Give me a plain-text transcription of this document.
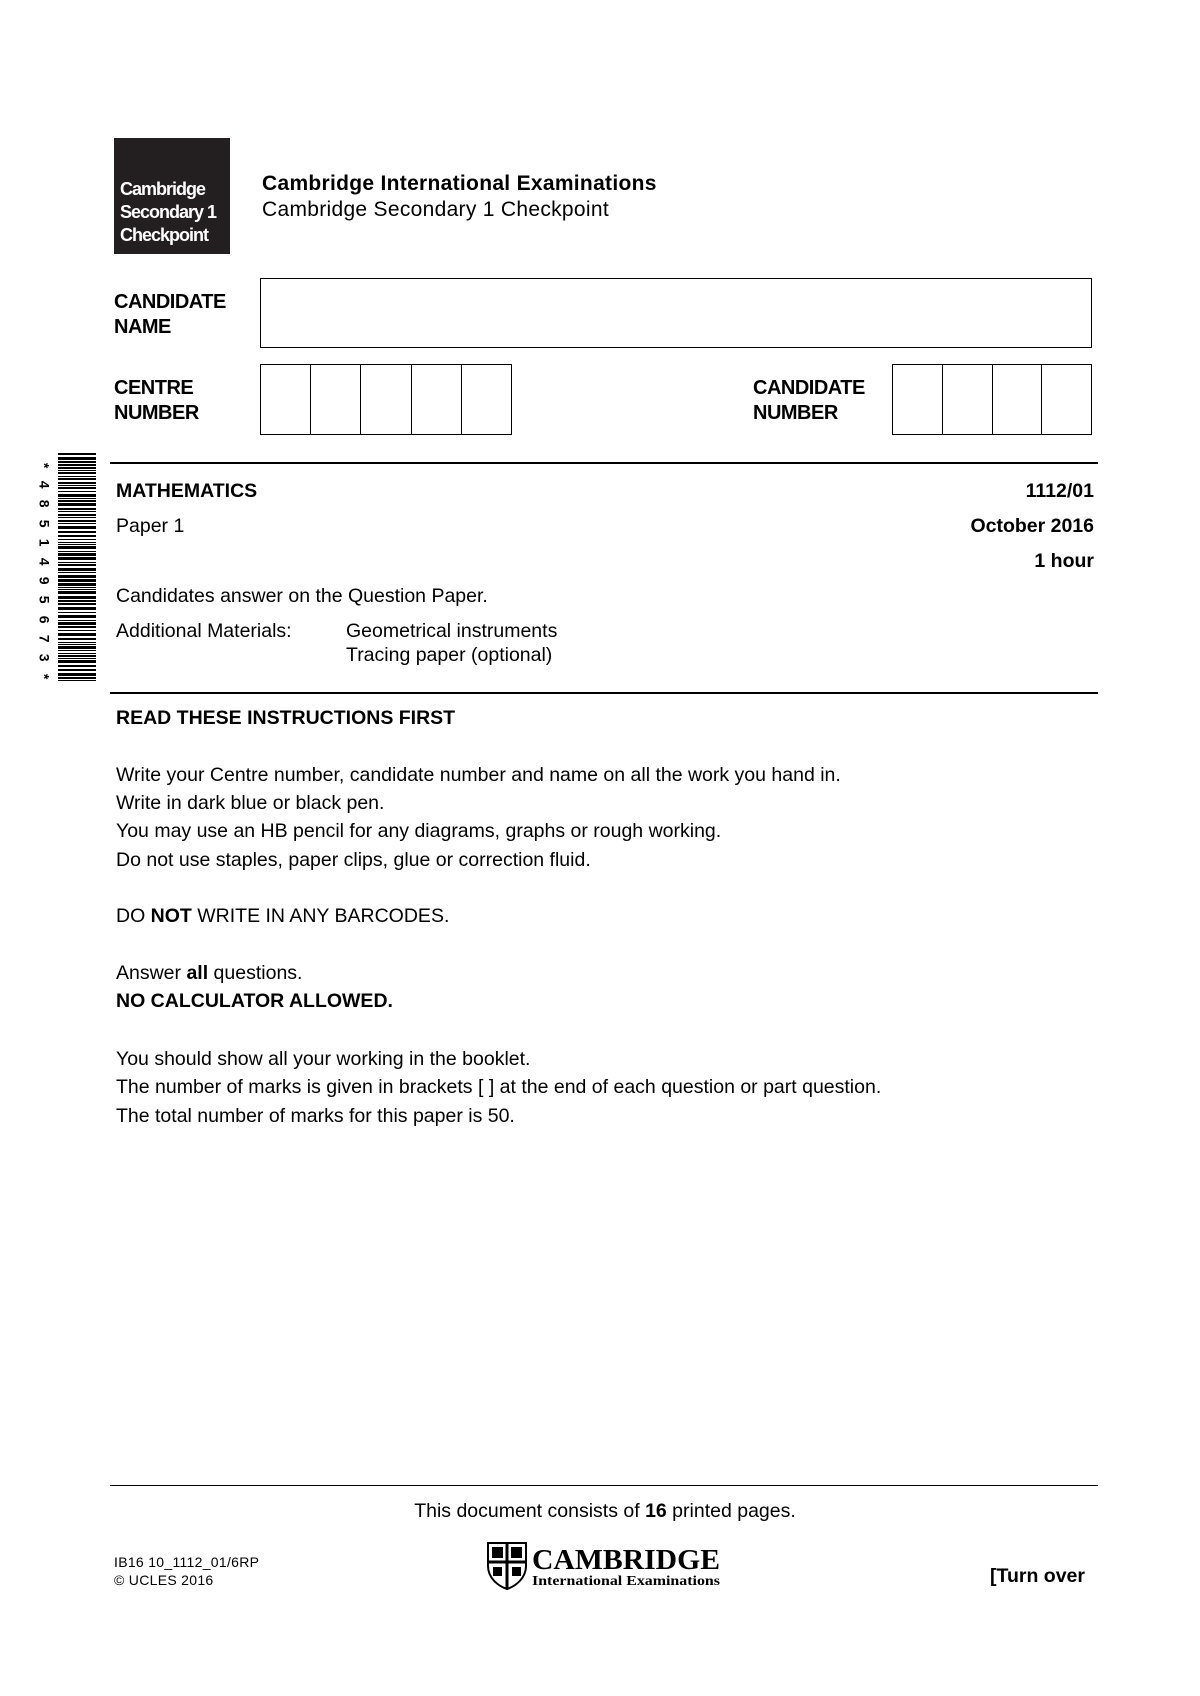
Cambridge
Secondary 1
Checkpoint
Cambridge International Examinations
Cambridge Secondary 1 Checkpoint
CANDIDATE
NAME
CENTRE
NUMBER
CANDIDATE
NUMBER
*
4
8
5
1
4
9
5
6
7
3
*
MATHEMATICS	1112/01
Paper 1	October 2016
1 hour
Candidates answer on the Question Paper.
Additional Materials:	Geometrical instruments
Tracing paper (optional)
READ THESE INSTRUCTIONS FIRST
Write your Centre number, candidate number and name on all the work you hand in.
Write in dark blue or black pen.
You may use an HB pencil for any diagrams, graphs or rough working.
Do not use staples, paper clips, glue or correction fluid.
DO NOT WRITE IN ANY BARCODES.
Answer all questions.
NO CALCULATOR ALLOWED.
You should show all your working in the booklet.
The number of marks is given in brackets [ ] at the end of each question or part question.
The total number of marks for this paper is 50.
This document consists of 16 printed pages.
IB16 10_1112_01/6RP
© UCLES 2016
CAMBRIDGE
International Examinations	[Turn over
